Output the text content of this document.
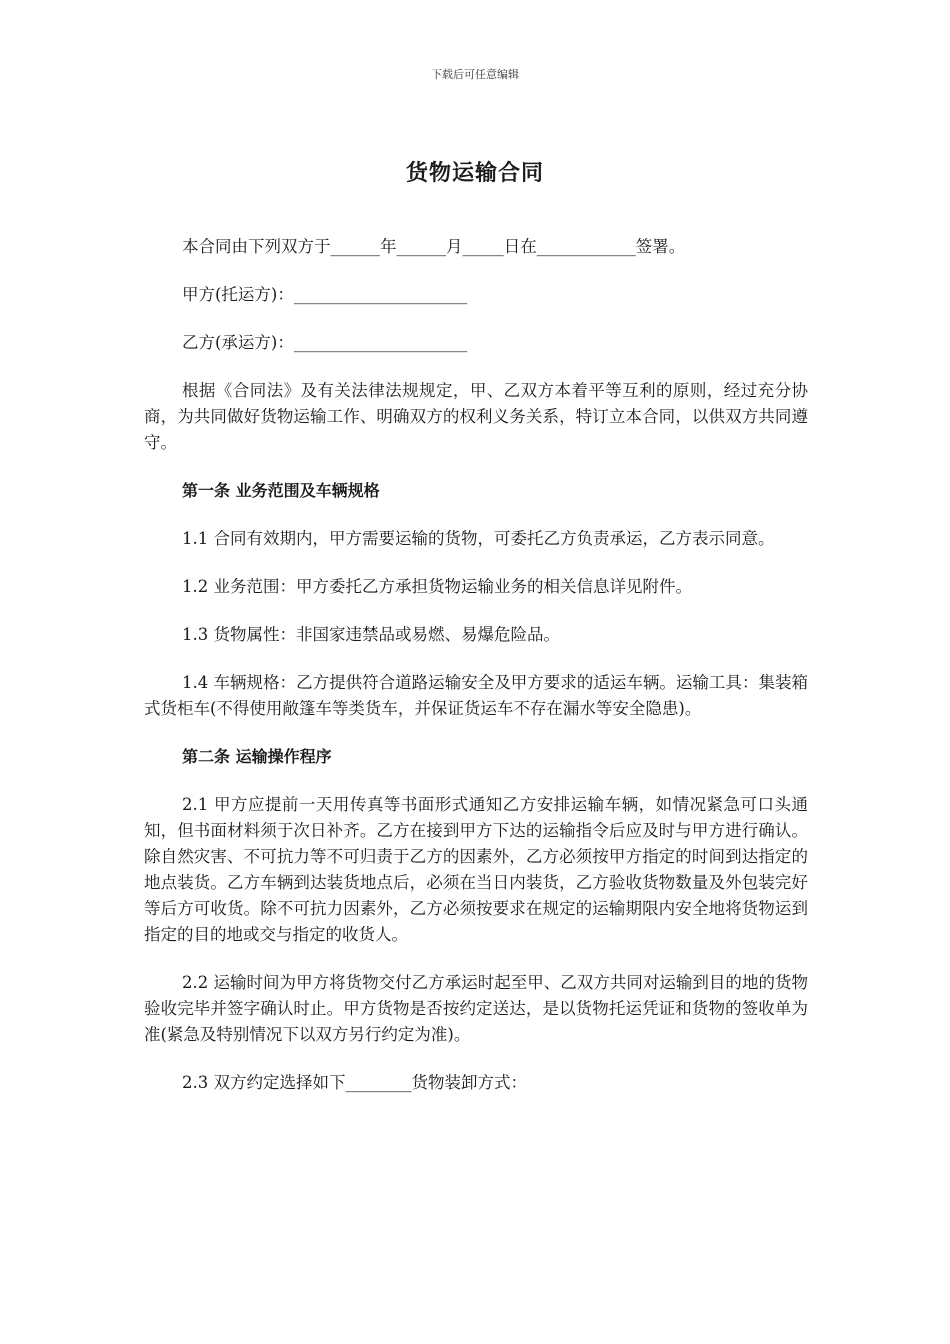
下载后可任意编辑
货物运输合同

本合同由下列双方于______年______月_____日在____________签署。

甲方(托运方)：_____________________

乙方(承运方)：_____________________

根据《合同法》及有关法律法规规定，甲、乙双方本着平等互利的原则，经过充分协商，为共同做好货物运输工作、明确双方的权利义务关系，特订立本合同，以供双方共同遵守。

第一条 业务范围及车辆规格

1.1 合同有效期内，甲方需要运输的货物，可委托乙方负责承运，乙方表示同意。

1.2 业务范围：甲方委托乙方承担货物运输业务的相关信息详见附件。

1.3 货物属性：非国家违禁品或易燃、易爆危险品。

1.4 车辆规格：乙方提供符合道路运输安全及甲方要求的适运车辆。运输工具：集装箱式货柜车(不得使用敞篷车等类货车，并保证货运车不存在漏水等安全隐患)。

第二条 运输操作程序

2.1 甲方应提前一天用传真等书面形式通知乙方安排运输车辆，如情况紧急可口头通知，但书面材料须于次日补齐。乙方在接到甲方下达的运输指令后应及时与甲方进行确认。除自然灾害、不可抗力等不可归责于乙方的因素外，乙方必须按甲方指定的时间到达指定的地点装货。乙方车辆到达装货地点后，必须在当日内装货，乙方验收货物数量及外包装完好等后方可收货。除不可抗力因素外，乙方必须按要求在规定的运输期限内安全地将货物运到指定的目的地或交与指定的收货人。

2.2 运输时间为甲方将货物交付乙方承运时起至甲、乙双方共同对运输到目的地的货物验收完毕并签字确认时止。甲方货物是否按约定送达，是以货物托运凭证和货物的签收单为准(紧急及特别情况下以双方另行约定为准)。

2.3 双方约定选择如下________货物装卸方式：
